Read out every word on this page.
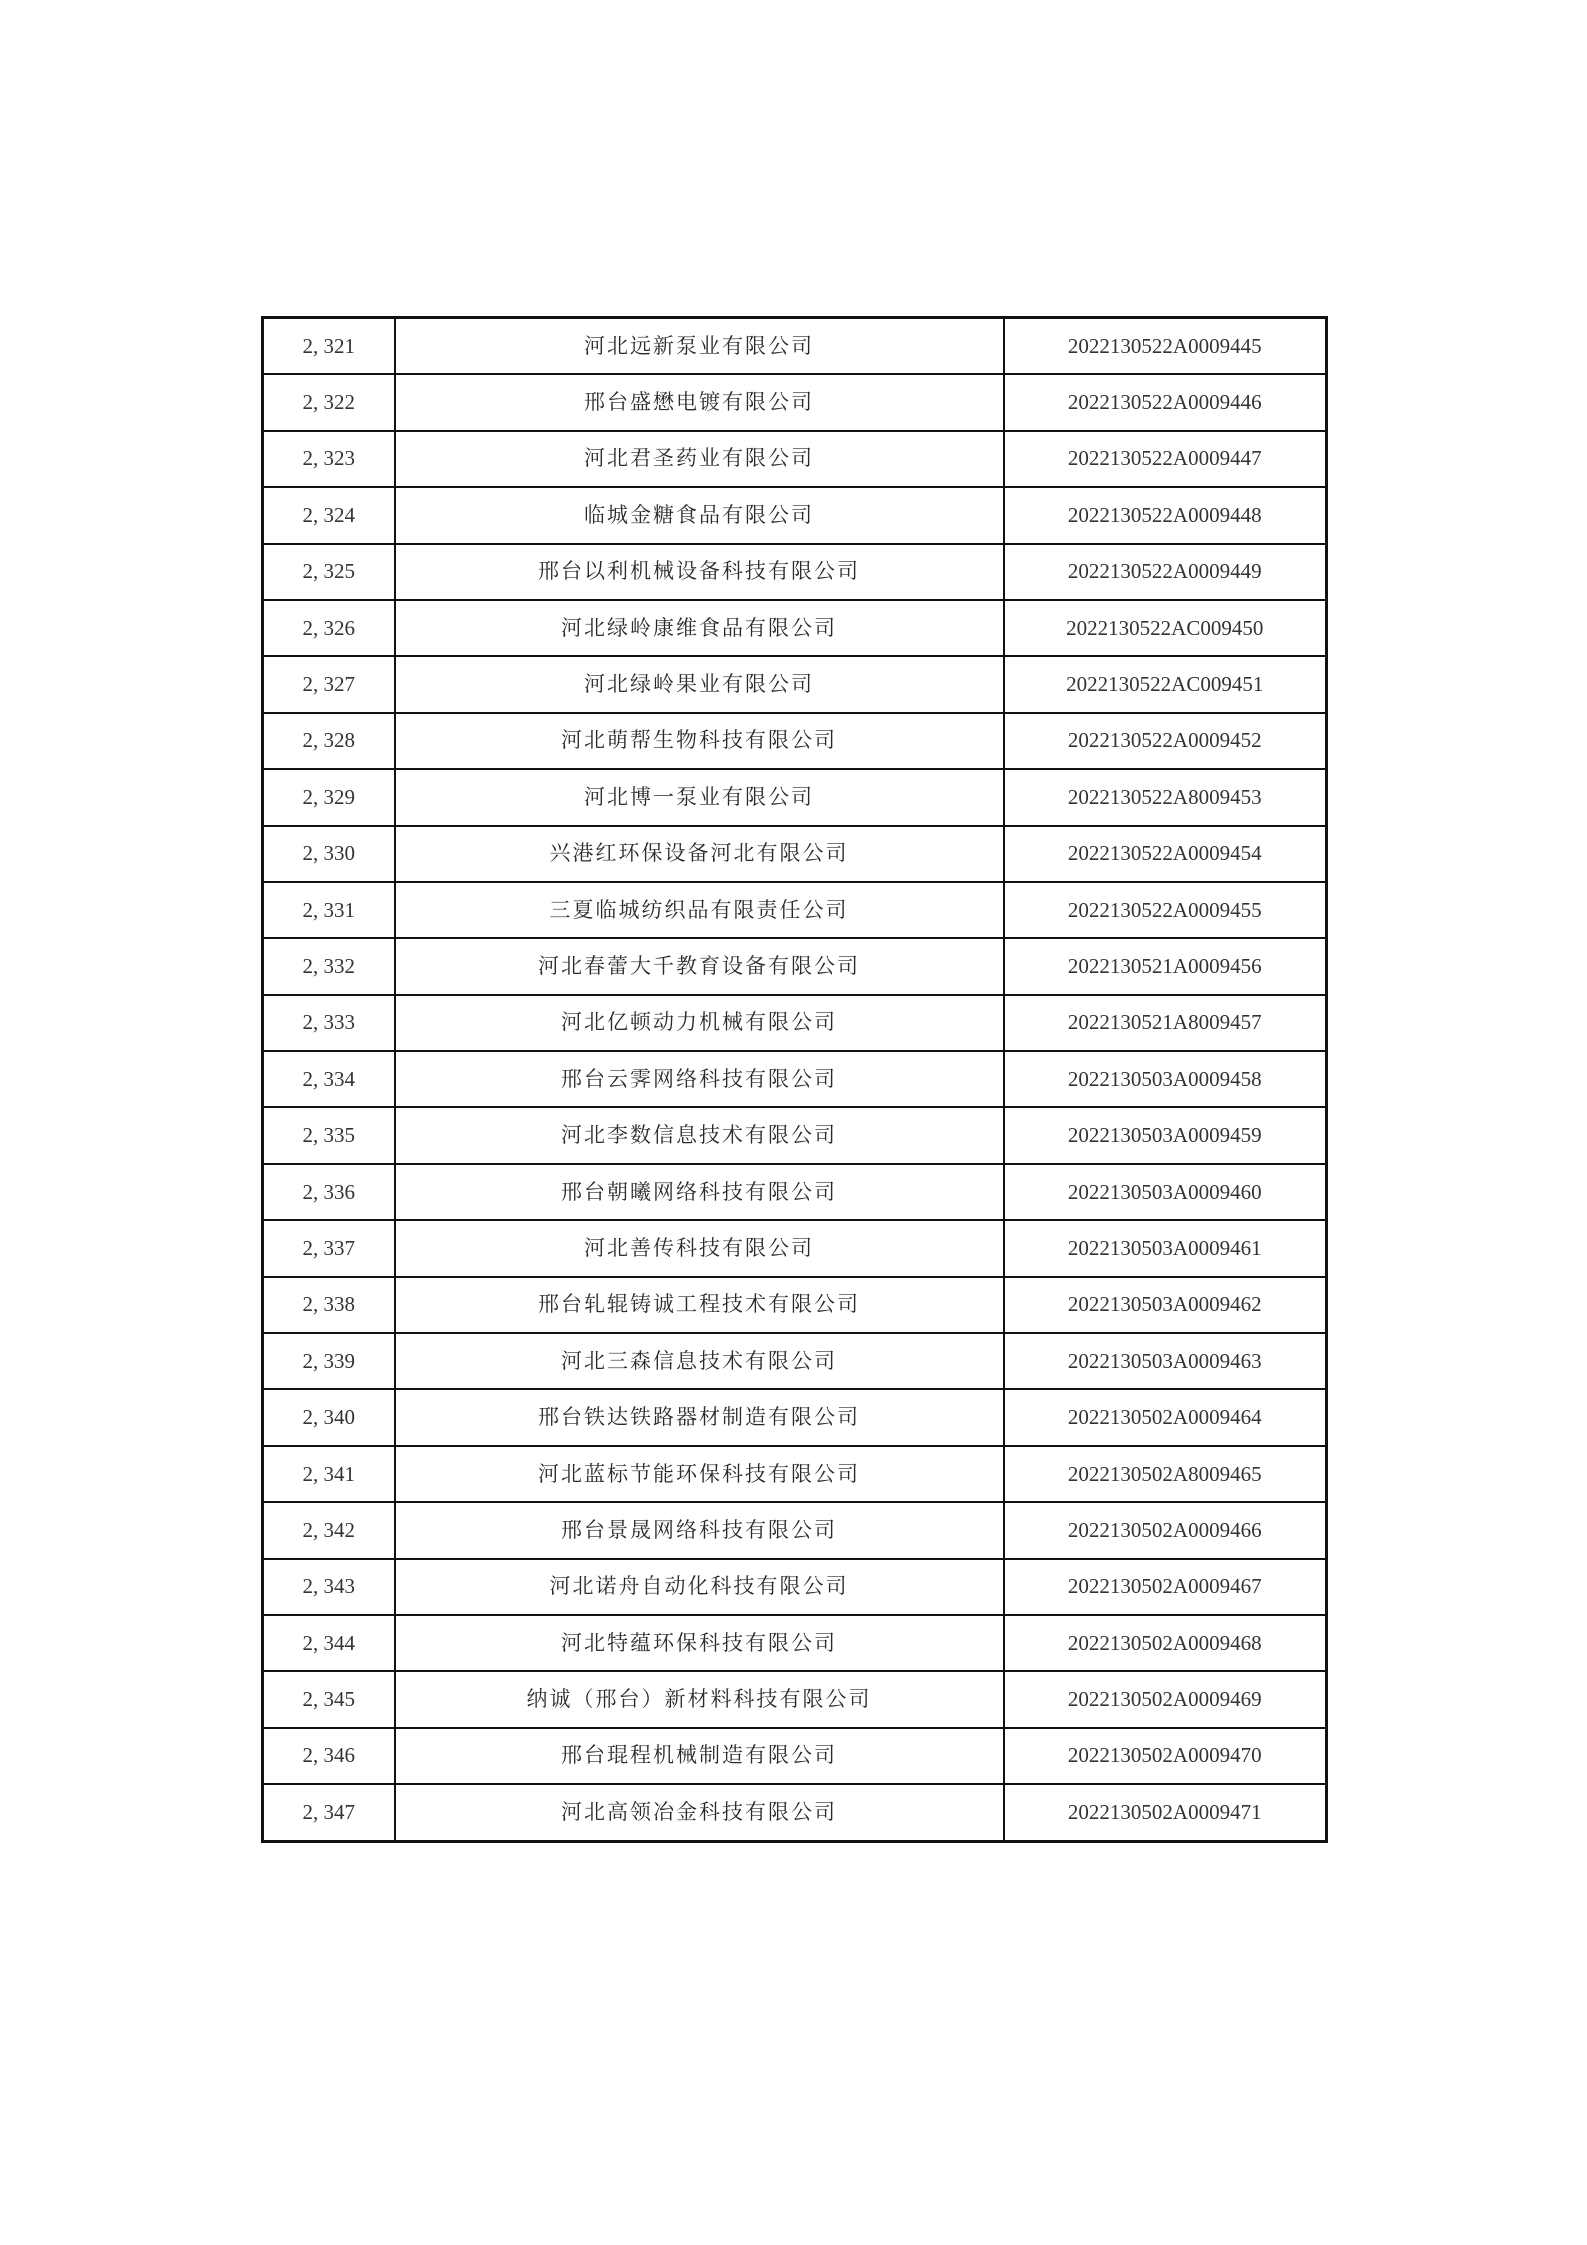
2, 321	河北远新泵业有限公司	2022130522A0009445
2, 322	邢台盛懋电镀有限公司	2022130522A0009446
2, 323	河北君圣药业有限公司	2022130522A0009447
2, 324	临城金糖食品有限公司	2022130522A0009448
2, 325	邢台以利机械设备科技有限公司	2022130522A0009449
2, 326	河北绿岭康维食品有限公司	2022130522AC009450
2, 327	河北绿岭果业有限公司	2022130522AC009451
2, 328	河北萌帮生物科技有限公司	2022130522A0009452
2, 329	河北博一泵业有限公司	2022130522A8009453
2, 330	兴港红环保设备河北有限公司	2022130522A0009454
2, 331	三夏临城纺织品有限责任公司	2022130522A0009455
2, 332	河北春蕾大千教育设备有限公司	2022130521A0009456
2, 333	河北亿顿动力机械有限公司	2022130521A8009457
2, 334	邢台云霁网络科技有限公司	2022130503A0009458
2, 335	河北李数信息技术有限公司	2022130503A0009459
2, 336	邢台朝曦网络科技有限公司	2022130503A0009460
2, 337	河北善传科技有限公司	2022130503A0009461
2, 338	邢台轧辊铸诚工程技术有限公司	2022130503A0009462
2, 339	河北三森信息技术有限公司	2022130503A0009463
2, 340	邢台铁达铁路器材制造有限公司	2022130502A0009464
2, 341	河北蓝标节能环保科技有限公司	2022130502A8009465
2, 342	邢台景晟网络科技有限公司	2022130502A0009466
2, 343	河北诺舟自动化科技有限公司	2022130502A0009467
2, 344	河北特蕴环保科技有限公司	2022130502A0009468
2, 345	纳诚（邢台）新材料科技有限公司	2022130502A0009469
2, 346	邢台琨程机械制造有限公司	2022130502A0009470
2, 347	河北高领冶金科技有限公司	2022130502A0009471
